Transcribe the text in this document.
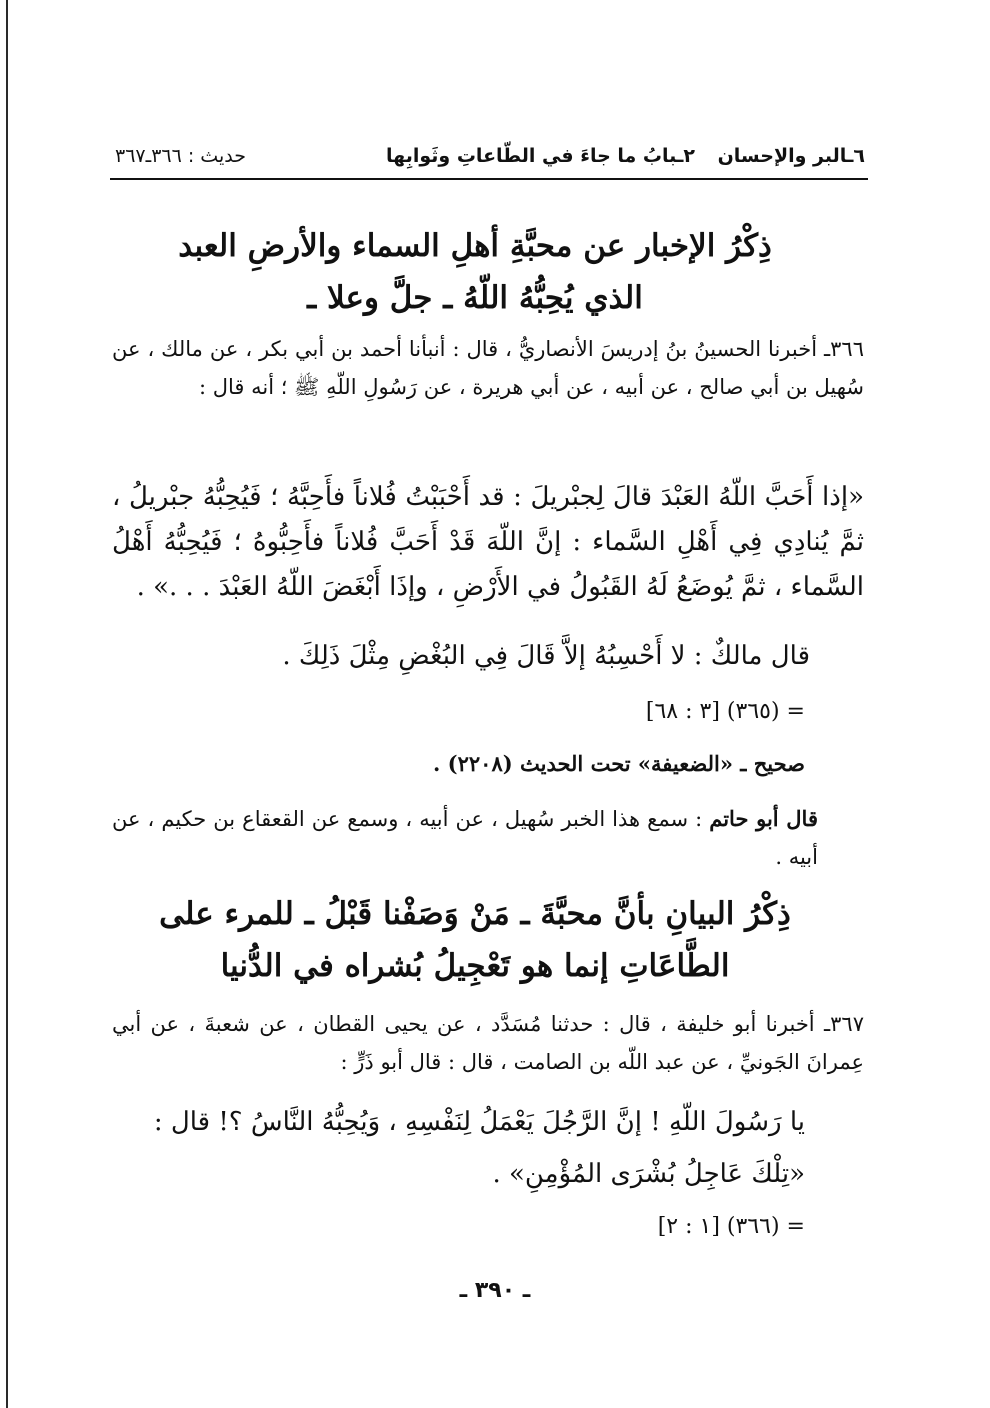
٦ـالبر والإحسان
٢ـبابُ ما جاءَ في الطّاعاتِ وثَوابِها
حديث : ٣٦٦ـ٣٦٧
ذِكْرُ الإخبار عن محبَّةِ أهلِ السماء والأرضِ العبد الذي يُحِبُّهُ اللّهُ ـ جلَّ وعلا ـ
٣٦٦ـ أخبرنا الحسينُ بنُ إدريسَ الأنصاريُّ ، قال : أنبأنا أحمد بن أبي بكر ، عن مالك ، عن سُهيل بن أبي صالح ، عن أبيه ، عن أبي هريرة ، عن رَسُولِ اللّهِ ﷺ ؛ أنه قال :
«إذا أَحَبَّ اللّهُ العَبْدَ قالَ لِجبْريلَ : قد أَحْبَبْتُ فُلاناً فأَحِبَّهُ ؛ فَيُحِبُّهُ جبْريلُ ، ثمَّ يُنادِي فِي أَهْلِ السَّماء : إنَّ اللّهَ قَدْ أَحَبَّ فُلاناً فأَحِبُّوهُ ؛ فَيُحِبُّهُ أَهْلُ السَّماء ، ثمَّ يُوضَعُ لَهُ القَبُولُ في الأَرْضِ ، وإذَا أَبْغَضَ اللّهُ العَبْدَ . . .» .
قال مالكٌ : لا أَحْسِبُهُ إلاَّ قَالَ فِي البُغْضِ مِثْلَ ذَلِكَ .
= (٣٦٥) [٣ : ٦٨]
صحيح ـ «الضعيفة» تحت الحديث (٢٢٠٨) .
قال أبو حاتم : سمع هذا الخبر سُهيل ، عن أبيه ، وسمع عن القعقاع بن حكيم ، عن أبيه .
ذِكْرُ البيانِ بأنَّ محبَّةَ ـ مَنْ وَصَفْنا قَبْلُ ـ للمرء على الطَّاعَاتِ إنما هو تَعْجِيلُ بُشراه في الدُّنيا
٣٦٧ـ أخبرنا أبو خليفة ، قال : حدثنا مُسَدَّد ، عن يحيى القطان ، عن شعبةَ ، عن أبي عِمرانَ الجَونيِّ ، عن عبد اللّه بن الصامت ، قال : قال أبو ذَرٍّ :
يا رَسُولَ اللّهِ ! إنَّ الرَّجُلَ يَعْمَلُ لِنَفْسِهِ ، وَيُحِبُّهُ النَّاسُ ؟! قال :
«تِلْكَ عَاجِلُ بُشْرَى المُؤْمِنِ» .
= (٣٦٦) [١ : ٢]
ـ ٣٩٠ ـ
